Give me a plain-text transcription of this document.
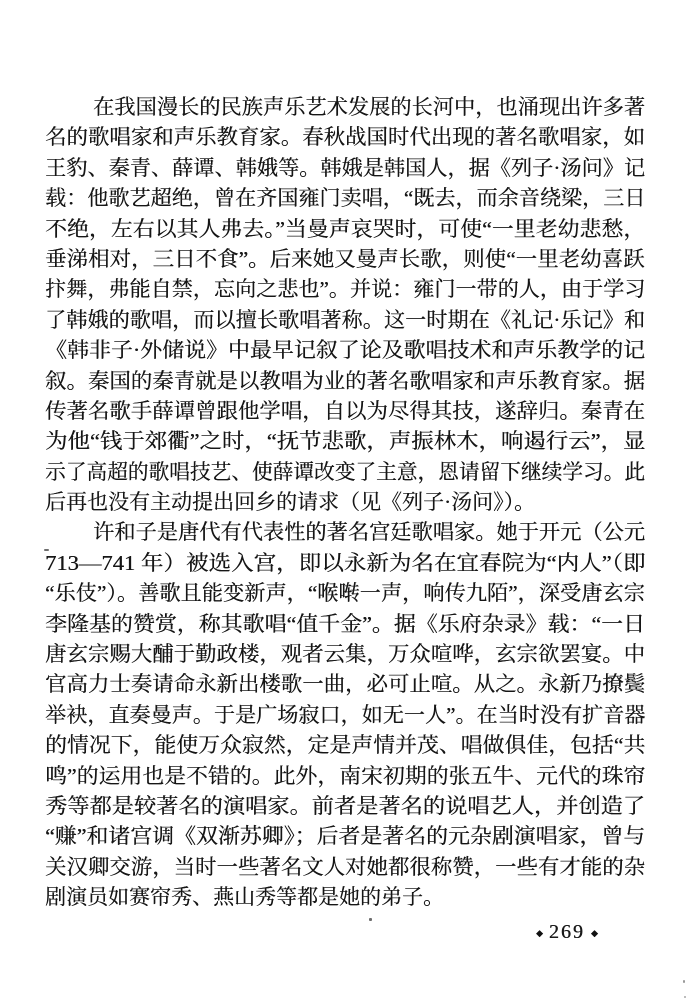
在我国漫长的民族声乐艺术发展的长河中，也涌现出许多著
名的歌唱家和声乐教育家。春秋战国时代出现的著名歌唱家，如
王豹、秦青、薛谭、韩娥等。韩娥是韩国人，据《列子·汤问》记
载：他歌艺超绝，曾在齐国雍门卖唱，“既去，而余音绕梁，三日
不绝，左右以其人弗去。”当曼声哀哭时，可使“一里老幼悲愁，
垂涕相对，三日不食”。后来她又曼声长歌，则使“一里老幼喜跃
抃舞，弗能自禁，忘向之悲也”。并说：雍门一带的人，由于学习
了韩娥的歌唱，而以擅长歌唱著称。这一时期在《礼记·乐记》和
《韩非子·外储说》中最早记叙了论及歌唱技术和声乐教学的记
叙。秦国的秦青就是以教唱为业的著名歌唱家和声乐教育家。据
传著名歌手薛谭曾跟他学唱，自以为尽得其技，遂辞归。秦青在
为他“钱于郊衢”之时，“抚节悲歌，声振林木，响遏行云”，显
示了高超的歌唱技艺、使薛谭改变了主意，恩请留下继续学习。此
后再也没有主动提出回乡的请求（见《列子·汤问》）。
许和子是唐代有代表性的著名宫廷歌唱家。她于开元（公元
713—741 年）被选入宫，即以永新为名在宜春院为“内人”（即
“乐伎”）。善歌且能变新声，“喉啭一声，响传九陌”，深受唐玄宗
李隆基的赞赏，称其歌唱“值千金”。据《乐府杂录》载：“一日
唐玄宗赐大酺于勤政楼，观者云集，万众喧哗，玄宗欲罢宴。中
官高力士奏请命永新出楼歌一曲，必可止喧。从之。永新乃撩鬓
举袂，直奏曼声。于是广场寂口，如无一人”。在当时没有扩音器
的情况下，能使万众寂然，定是声情并茂、唱做俱佳，包括“共
鸣”的运用也是不错的。此外，南宋初期的张五牛、元代的珠帘
秀等都是较著名的演唱家。前者是著名的说唱艺人，并创造了
“赚”和诸宫调《双渐苏卿》；后者是著名的元杂剧演唱家，曾与
关汉卿交游，当时一些著名文人对她都很称赞，一些有才能的杂
剧演员如赛帘秀、燕山秀等都是她的弟子。
◆ 269 ◆
